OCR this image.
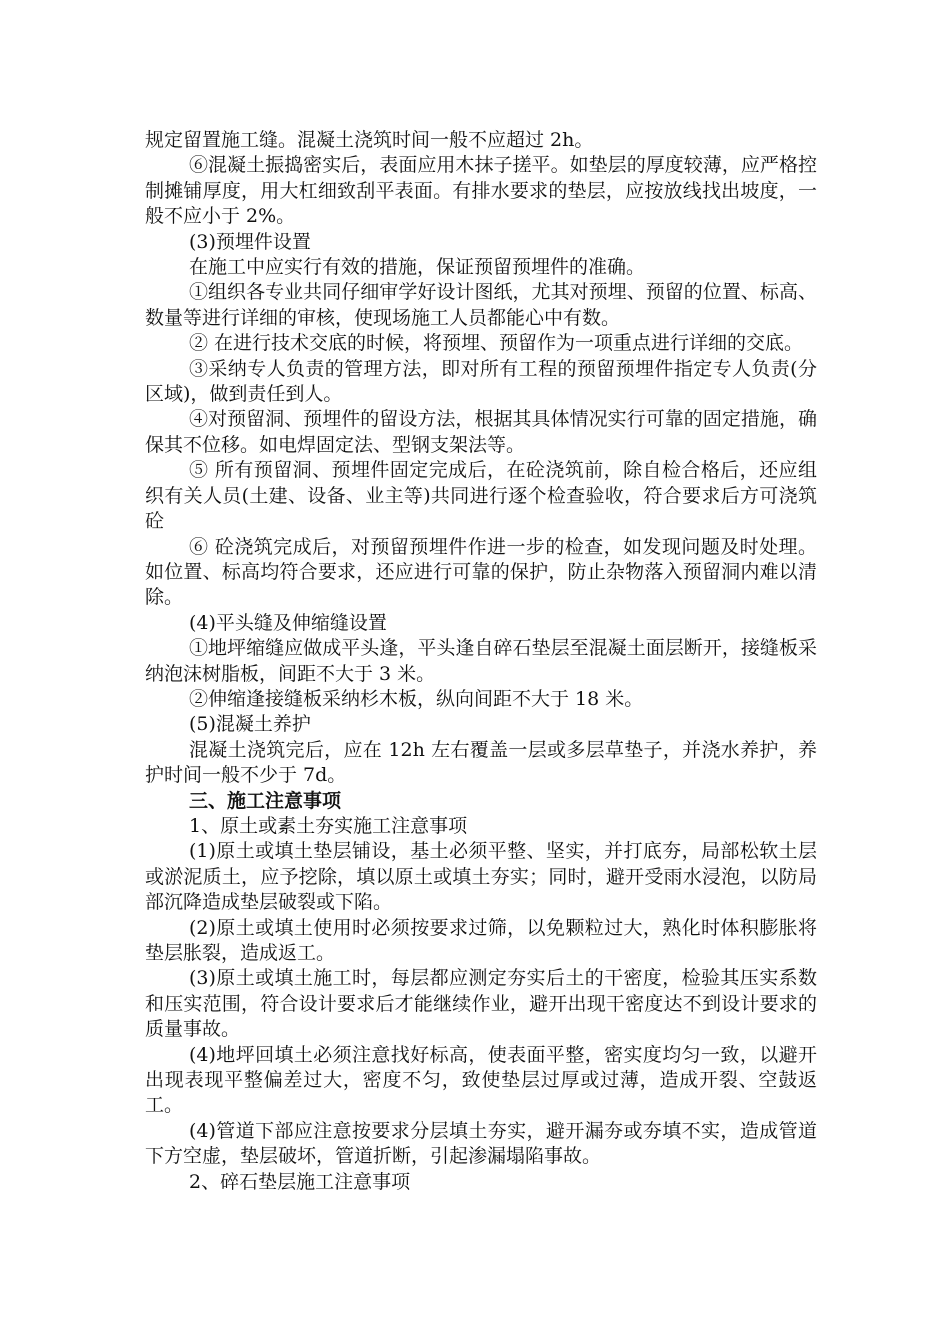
规定留置施工缝。混凝土浇筑时间一般不应超过 2h。

⑥混凝土振捣密实后，表面应用木抹子搓平。如垫层的厚度较薄，应严格控制摊铺厚度，用大杠细致刮平表面。有排水要求的垫层，应按放线找出坡度，一般不应小于 2%。

(3)预埋件设置

在施工中应实行有效的措施，保证预留预埋件的准确。

①组织各专业共同仔细审学好设计图纸，尤其对预埋、预留的位置、标高、数量等进行详细的审核，使现场施工人员都能心中有数。

② 在进行技术交底的时候，将预埋、预留作为一项重点进行详细的交底。

③采纳专人负责的管理方法，即对所有工程的预留预埋件指定专人负责(分区域)，做到责任到人。

④对预留洞、预埋件的留设方法，根据其具体情况实行可靠的固定措施，确保其不位移。如电焊固定法、型钢支架法等。

⑤ 所有预留洞、预埋件固定完成后，在砼浇筑前，除自检合格后，还应组织有关人员(土建、设备、业主等)共同进行逐个检查验收，符合要求后方可浇筑砼

⑥ 砼浇筑完成后，对预留预埋件作进一步的检查，如发现问题及时处理。如位置、标高均符合要求，还应进行可靠的保护，防止杂物落入预留洞内难以清除。

(4)平头缝及伸缩缝设置

①地坪缩缝应做成平头逢，平头逢自碎石垫层至混凝土面层断开，接缝板采纳泡沫树脂板，间距不大于 3 米。

②伸缩逢接缝板采纳杉木板，纵向间距不大于 18 米。

(5)混凝土养护

混凝土浇筑完后，应在 12h 左右覆盖一层或多层草垫子，并浇水养护，养护时间一般不少于 7d。

三、施工注意事项

1、原土或素土夯实施工注意事项

(1)原土或填土垫层铺设，基土必须平整、坚实，并打底夯，局部松软土层或淤泥质土，应予挖除，填以原土或填土夯实；同时，避开受雨水浸泡，以防局部沉降造成垫层破裂或下陷。

(2)原土或填土使用时必须按要求过筛，以免颗粒过大，熟化时体积膨胀将垫层胀裂，造成返工。

(3)原土或填土施工时，每层都应测定夯实后土的干密度，检验其压实系数和压实范围，符合设计要求后才能继续作业，避开出现干密度达不到设计要求的质量事故。

(4)地坪回填土必须注意找好标高，使表面平整，密实度均匀一致，以避开出现表现平整偏差过大，密度不匀，致使垫层过厚或过薄，造成开裂、空鼓返工。

(4)管道下部应注意按要求分层填土夯实，避开漏夯或夯填不实，造成管道下方空虚，垫层破坏，管道折断，引起渗漏塌陷事故。

2、碎石垫层施工注意事项
